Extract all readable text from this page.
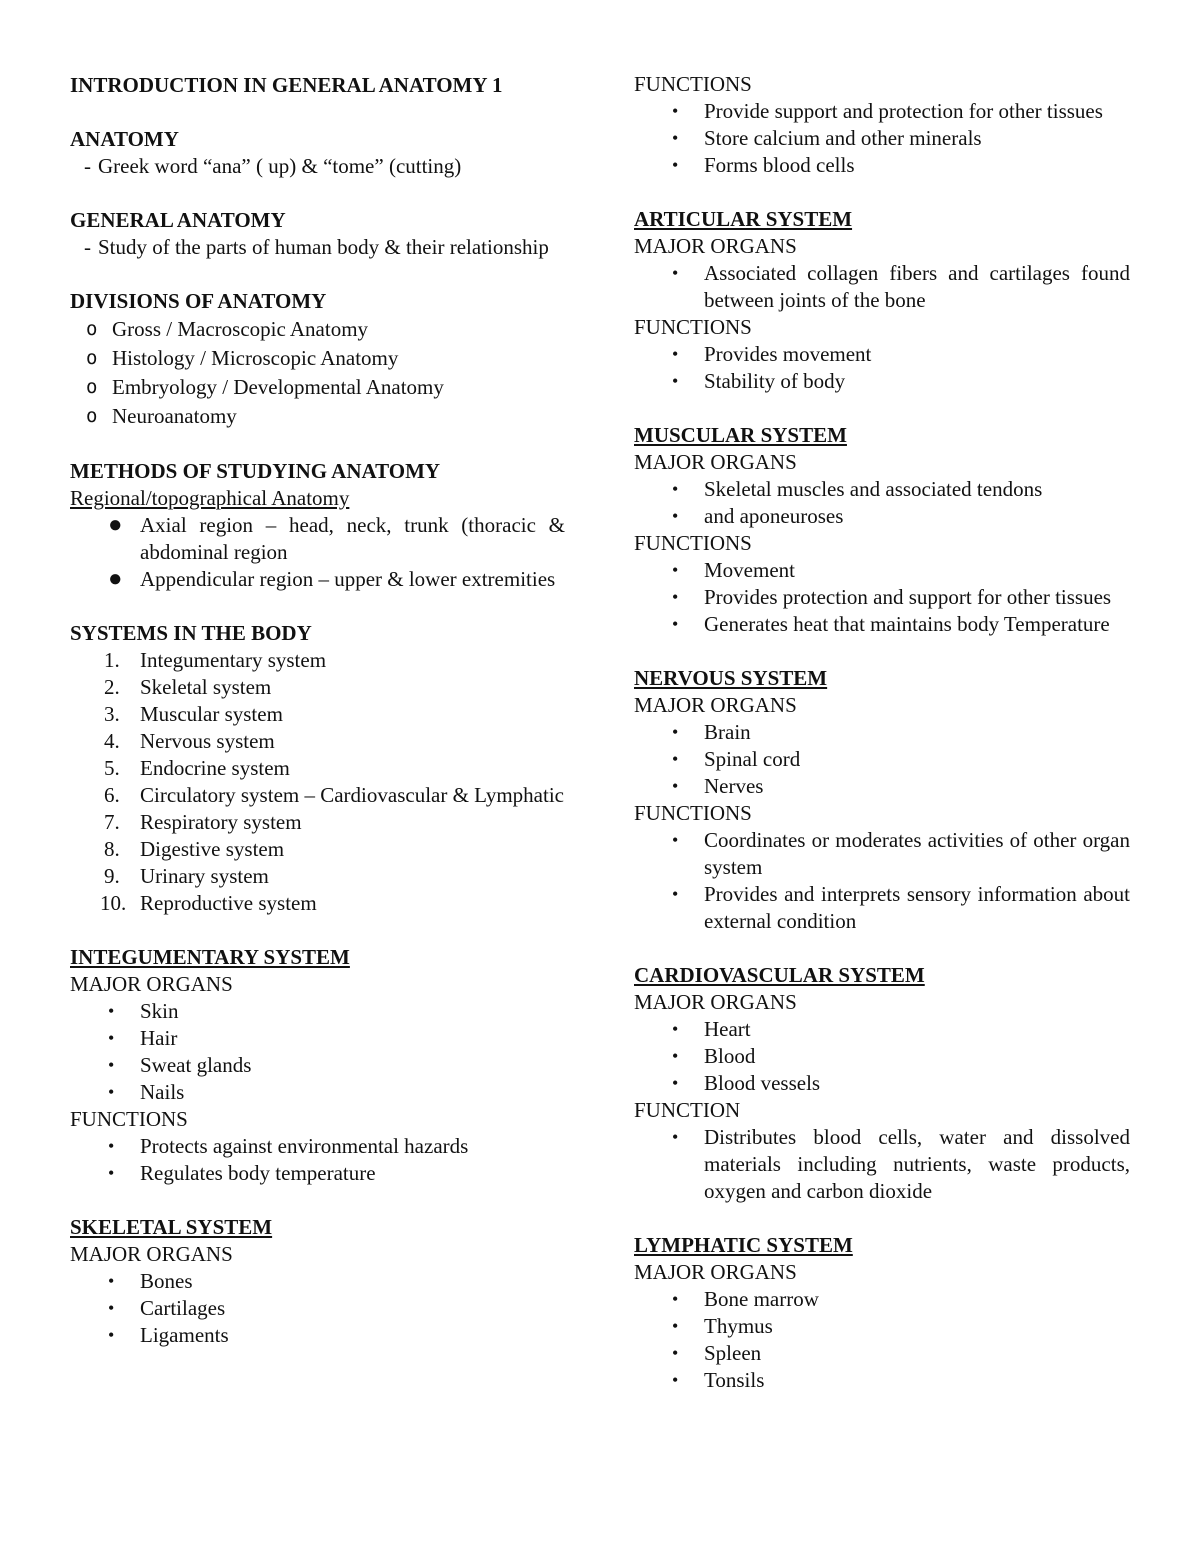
INTRODUCTION IN GENERAL ANATOMY 1
ANATOMY
- Greek word “ana” ( up) & “tome” (cutting)
GENERAL ANATOMY
- Study of the parts of human body & their relationship
DIVISIONS OF ANATOMY
o Gross / Macroscopic Anatomy
o Histology / Microscopic Anatomy
o Embryology / Developmental Anatomy
o Neuroanatomy
METHODS OF STUDYING ANATOMY
Regional/topographical Anatomy
● Axial region – head, neck, trunk (thoracic & abdominal region
● Appendicular region – upper & lower extremities
SYSTEMS IN THE BODY
1. Integumentary system
2. Skeletal system
3. Muscular system
4. Nervous system
5. Endocrine system
6. Circulatory system – Cardiovascular & Lymphatic
7. Respiratory system
8. Digestive system
9. Urinary system
10. Reproductive system
INTEGUMENTARY SYSTEM
MAJOR ORGANS
• Skin
• Hair
• Sweat glands
• Nails
FUNCTIONS
• Protects against environmental hazards
• Regulates body temperature
SKELETAL SYSTEM
MAJOR ORGANS
• Bones
• Cartilages
• Ligaments
FUNCTIONS
• Provide support and protection for other tissues
• Store calcium and other minerals
• Forms blood cells
ARTICULAR SYSTEM
MAJOR ORGANS
• Associated collagen fibers and cartilages found between joints of the bone
FUNCTIONS
• Provides movement
• Stability of body
MUSCULAR SYSTEM
MAJOR ORGANS
• Skeletal muscles and associated tendons
• and aponeuroses
FUNCTIONS
• Movement
• Provides protection and support for other tissues
• Generates heat that maintains body Temperature
NERVOUS SYSTEM
MAJOR ORGANS
• Brain
• Spinal cord
• Nerves
FUNCTIONS
• Coordinates or moderates activities of other organ system
• Provides and interprets sensory information about external condition
CARDIOVASCULAR SYSTEM
MAJOR ORGANS
• Heart
• Blood
• Blood vessels
FUNCTION
• Distributes blood cells, water and dissolved materials including nutrients, waste products, oxygen and carbon dioxide
LYMPHATIC SYSTEM
MAJOR ORGANS
• Bone marrow
• Thymus
• Spleen
• Tonsils
